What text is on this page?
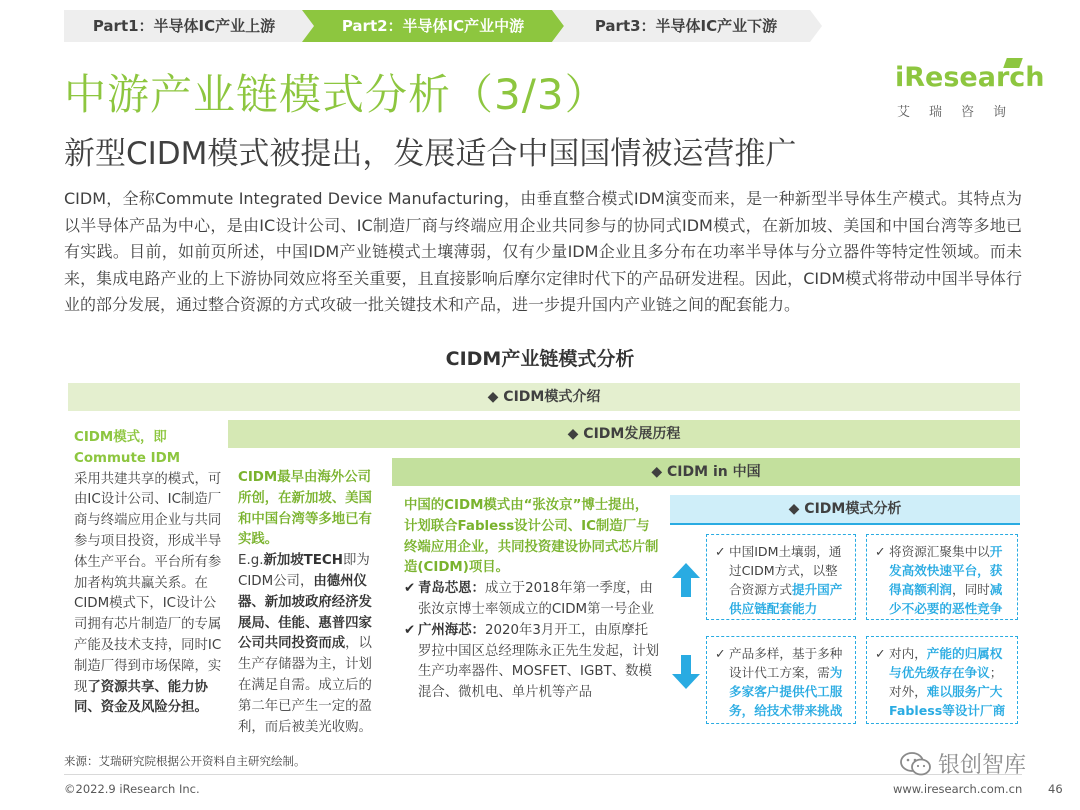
Part1：半导体IC产业上游	Part2：半导体IC产业中游	Part3：半导体IC产业下游
中游产业链模式分析（3/3）
新型CIDM模式被提出，发展适合中国国情被运营推广
iResearch
艾瑞咨询
CIDM，全称Commute Integrated Device Manufacturing，由垂直整合模式IDM演变而来，是一种新型半导体生产模式。其特点为以半导体产品为中心，是由IC设计公司、IC制造厂商与终端应用企业共同参与的协同式IDM模式，在新加坡、美国和中国台湾等多地已有实践。目前，如前页所述，中国IDM产业链模式土壤薄弱，仅有少量IDM企业且多分布在功率半导体与分立器件等特定性领域。而未来，集成电路产业的上下游协同效应将至关重要，且直接影响后摩尔定律时代下的产品研发进程。因此，CIDM模式将带动中国半导体行业的部分发展，通过整合资源的方式攻破一批关键技术和产品，进一步提升国内产业链之间的配套能力。
CIDM产业链模式分析
◆ CIDM模式介绍
◆ CIDM发展历程
◆ CIDM in 中国
◆ CIDM模式分析
CIDM模式，即Commute IDM
采用共建共享的模式，可由IC设计公司、IC制造厂商与终端应用企业与共同参与项目投资，形成半导体生产平台。平台所有参加者构筑共赢关系。在CIDM模式下，IC设计公司拥有芯片制造厂的专属产能及技术支持，同时IC制造厂得到市场保障，实现了资源共享、能力协同、资金及风险分担。
CIDM最早由海外公司所创，在新加坡、美国和中国台湾等多地已有实践。
E.g.新加坡TECH即为CIDM公司，由德州仪器、新加坡政府经济发展局、佳能、惠普四家公司共同投资而成，以生产存储器为主，计划在满足自需。成立后的第二年已产生一定的盈利，而后被美光收购。
中国的CIDM模式由“张汝京”博士提出，计划联合Fabless设计公司、IC制造厂与终端应用企业，共同投资建设协同式芯片制造(CIDM)项目。
✔ 青岛芯恩：成立于2018年第一季度，由张汝京博士率领成立的CIDM第一号企业
✔ 广州海芯：2020年3月开工，由原摩托罗拉中国区总经理陈永正先生发起，计划生产功率器件、MOSFET、IGBT、数模混合、微机电、单片机等产品
✓ 中国IDM土壤弱，通过CIDM方式，以整合资源方式提升国产供应链配套能力
✓ 将资源汇聚集中以开发高效快速平台，获得高额利润，同时减少不必要的恶性竞争
✓ 产品多样，基于多种设计代工方案，需为多家客户提供代工服务，给技术带来挑战
✓ 对内，产能的归属权与优先级存在争议；对外，难以服务广大Fabless等设计厂商
来源：艾瑞研究院根据公开资料自主研究绘制。
©2022.9 iResearch Inc.	www.iresearch.com.cn 46
银创智库
